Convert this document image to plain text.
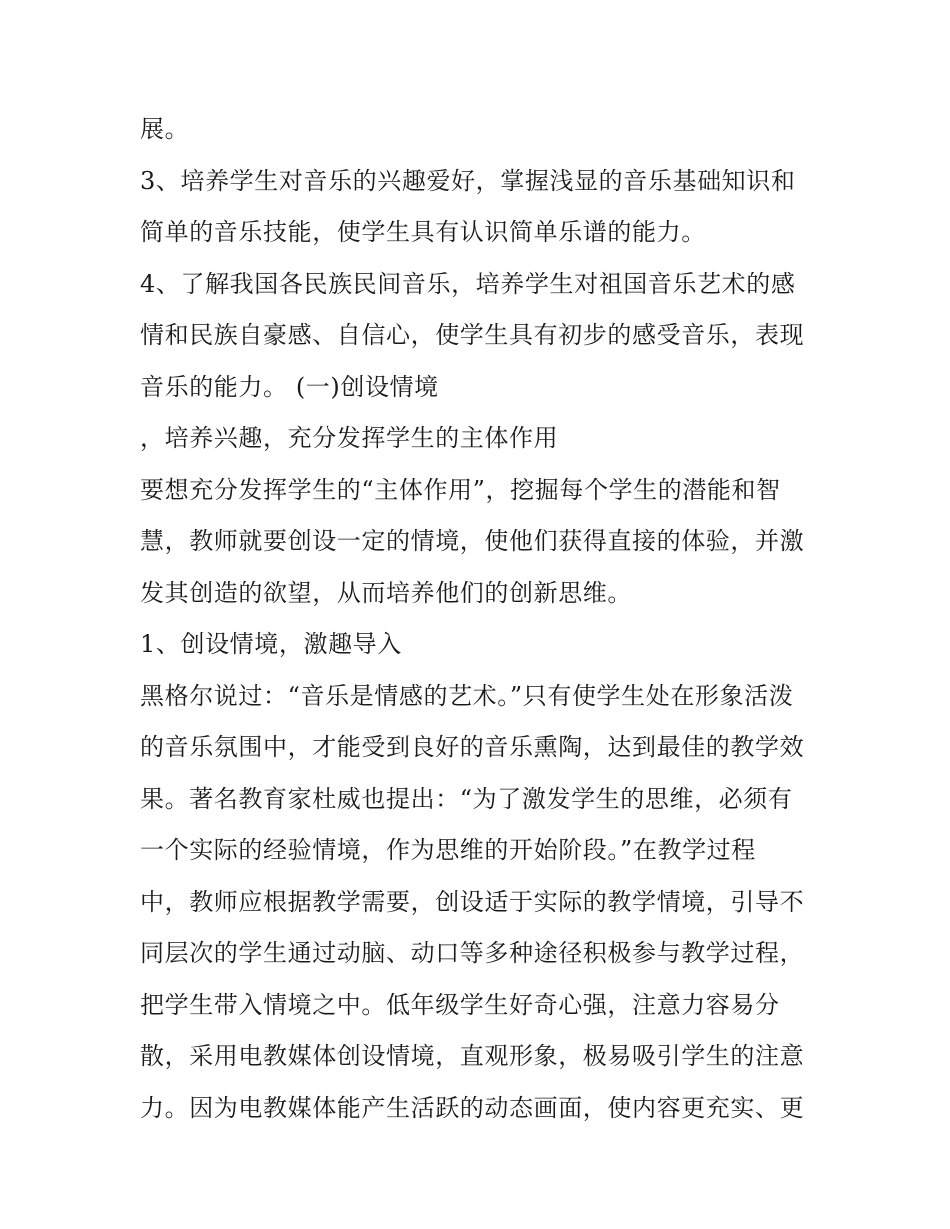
展。
3、培养学生对音乐的兴趣爱好，掌握浅显的音乐基础知识和
简单的音乐技能，使学生具有认识简单乐谱的能力。
4、了解我国各民族民间音乐，培养学生对祖国音乐艺术的感
情和民族自豪感、自信心，使学生具有初步的感受音乐，表现
音乐的能力。 (一)创设情境
，培养兴趣，充分发挥学生的主体作用
要想充分发挥学生的“主体作用”，挖掘每个学生的潜能和智
慧，教师就要创设一定的情境，使他们获得直接的体验，并激
发其创造的欲望，从而培养他们的创新思维。
1、创设情境，激趣导入
黑格尔说过：“音乐是情感的艺术。”只有使学生处在形象活泼
的音乐氛围中，才能受到良好的音乐熏陶，达到最佳的教学效
果。著名教育家杜威也提出：“为了激发学生的思维，必须有
一个实际的经验情境，作为思维的开始阶段。”在教学过程
中，教师应根据教学需要，创设适于实际的教学情境，引导不
同层次的学生通过动脑、动口等多种途径积极参与教学过程，
把学生带入情境之中。低年级学生好奇心强，注意力容易分
散，采用电教媒体创设情境，直观形象，极易吸引学生的注意
力。因为电教媒体能产生活跃的动态画面，使内容更充实、更
